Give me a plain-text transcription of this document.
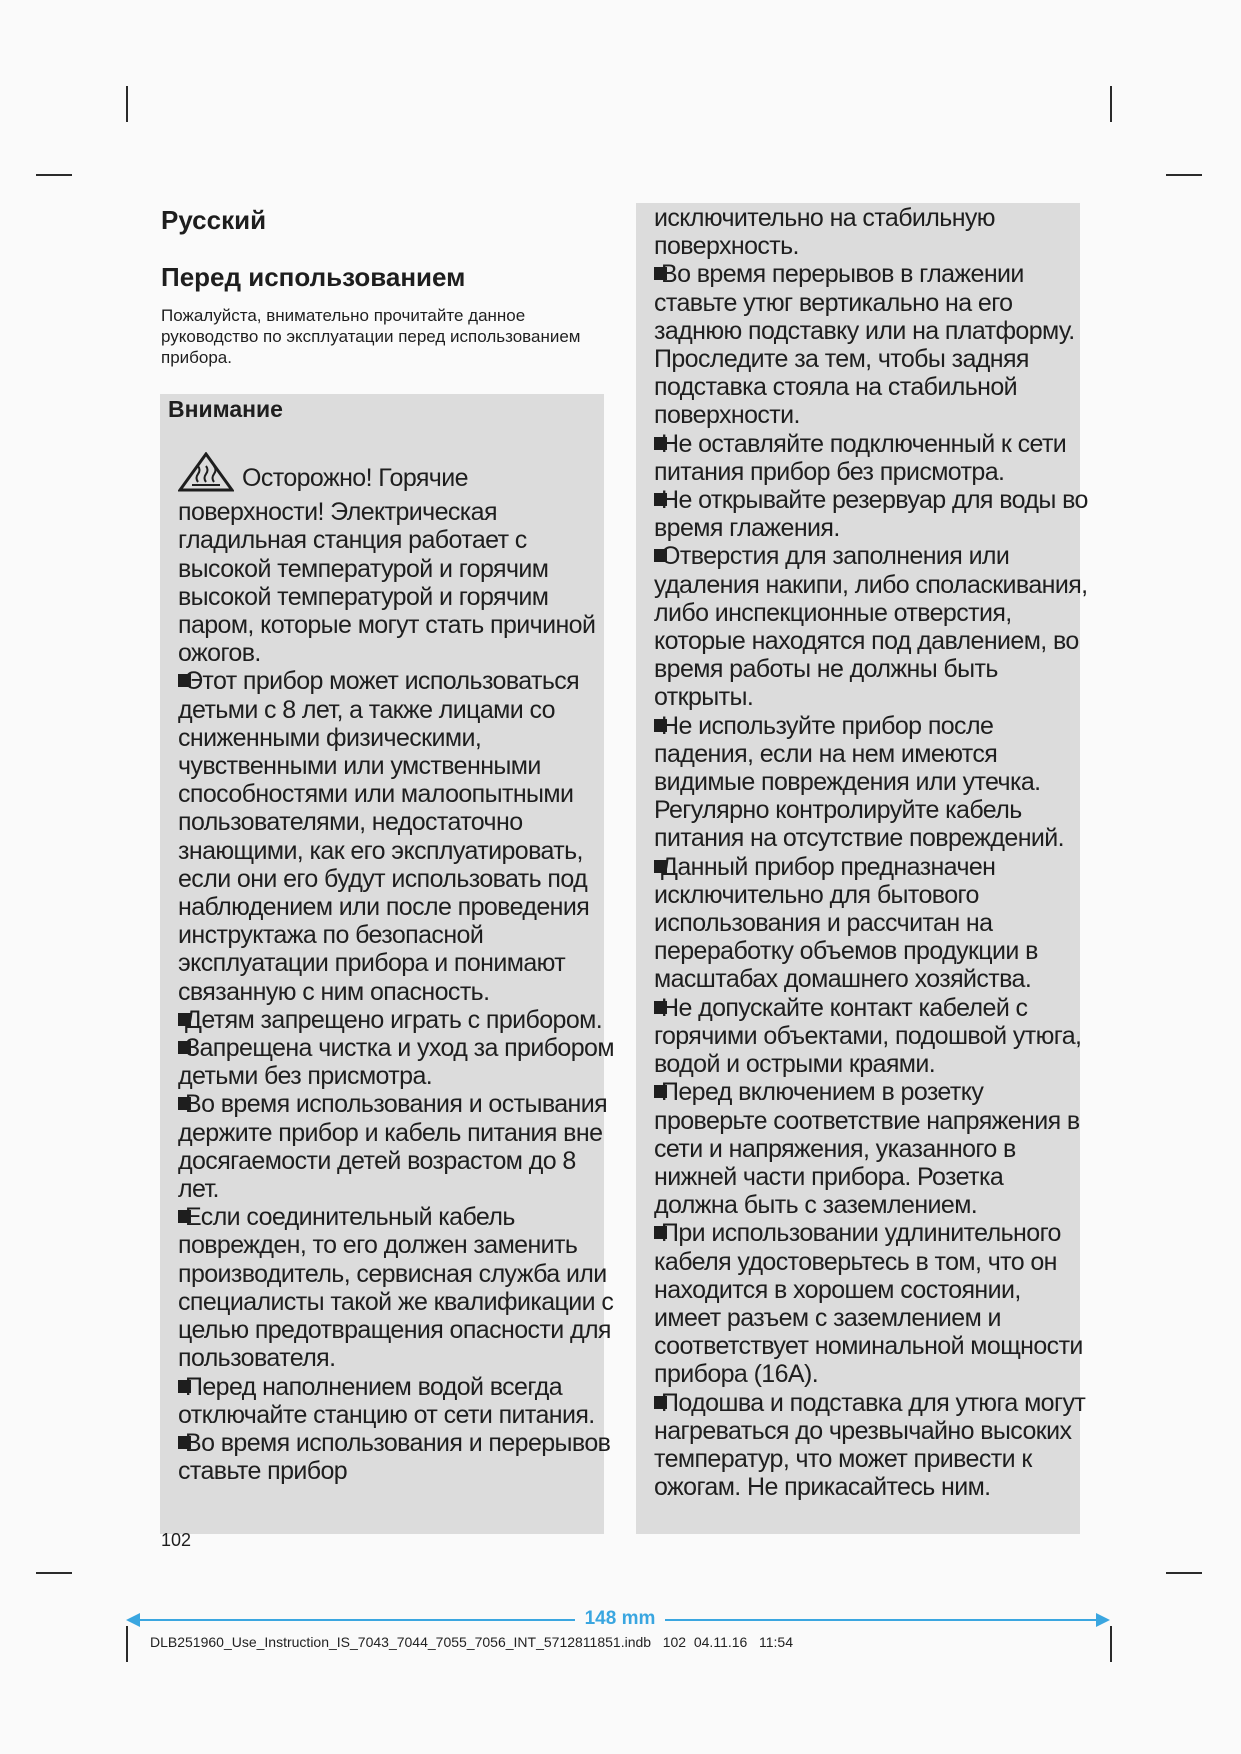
Русский
Перед использованием

Пожалуйста, внимательно прочитайте данное руководство по эксплуатации перед использованием прибора.

Внимание

Осторожно! Горячие

поверхности! Электрическая гладильная станция работает с высокой температурой и горячим высокой температурой и горячим паром, которые могут стать причиной ожогов.

Этот прибор может использоваться детьми с 8 лет, а также лицами со сниженными физическими, чувственными или умственными способностями или малоопытными пользователями, недостаточно знающими, как его эксплуатировать, если они его будут использовать под наблюдением или после проведения инструктажа по безопасной эксплуатации прибора и понимают связанную с ним опасность.

Детям запрещено играть с прибором.

Запрещена чистка и уход за прибором детьми без присмотра.

Во время использования и остывания держите прибор и кабель питания вне досягаемости детей возрастом до 8 лет.

Если соединительный кабель поврежден, то его должен заменить производитель, сервисная служба или специалисты такой же квалификации с целью предотвращения опасности для пользователя.

Перед наполнением водой всегда отключайте станцию от сети питания.

Во время использования и перерывов ставьте прибор

исключительно на стабильную поверхность.

Во время перерывов в глажении ставьте утюг вертикально на его заднюю подставку или на платформу. Проследите за тем, чтобы задняя подставка стояла на стабильной поверхности.

Не оставляйте подключенный к сети питания прибор без присмотра.

Не открывайте резервуар для воды во время глажения.

Отверстия для заполнения или удаления накипи, либо споласкивания, либо инспекционные отверстия, которые находятся под давлением, во время работы не должны быть открыты.

Не используйте прибор после падения, если на нем имеются видимые повреждения или утечка. Регулярно контролируйте кабель питания на отсутствие повреждений.

Данный прибор предназначен исключительно для бытового использования и рассчитан на переработку объемов продукции в масштабах домашнего хозяйства.

Не допускайте контакт кабелей с горячими объектами, подошвой утюга, водой и острыми краями.

Перед включением в розетку проверьте соответствие напряжения в сети и напряжения, указанного в нижней части прибора. Розетка должна быть с заземлением.

При использовании удлинительного кабеля удостоверьтесь в том, что он находится в хорошем состоянии, имеет разъем с заземлением и соответствует номинальной мощности прибора (16A).

Подошва и подставка для утюга могут нагреваться до чрезвычайно высоких температур, что может привести к ожогам. Не прикасайтесь ним.

102

148 mm

DLB251960_Use_Instruction_IS_7043_7044_7055_7056_INT_5712811851.indb   102  04.11.16   11:54
